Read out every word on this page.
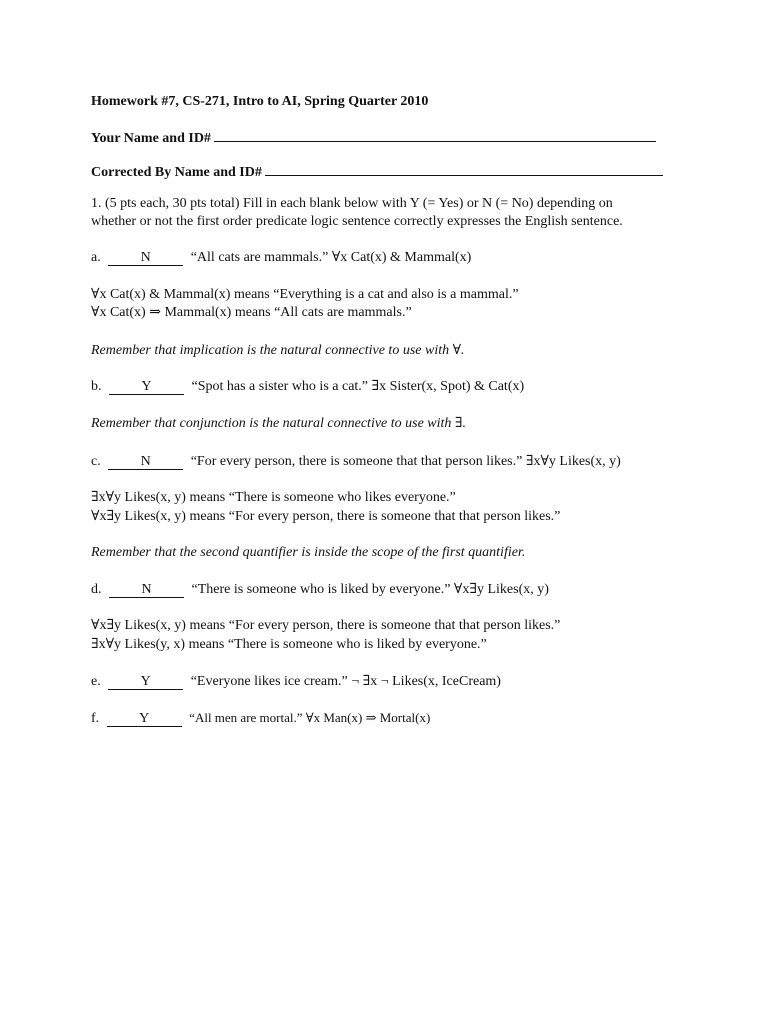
Homework #7, CS-271, Intro to AI, Spring Quarter 2010
Your Name and ID#
Corrected By Name and ID#
1. (5 pts each, 30 pts total) Fill in each blank below with Y (= Yes) or N (= No) depending on
whether or not the first order predicate logic sentence correctly expresses the English sentence.
a.	N	“All cats are mammals.” ∀x Cat(x) & Mammal(x)
∀x Cat(x) & Mammal(x) means “Everything is a cat and also is a mammal.”
∀x Cat(x) ⇒ Mammal(x) means “All cats are mammals.”
Remember that implication is the natural connective to use with ∀.
b.	Y	“Spot has a sister who is a cat.” ∃x Sister(x, Spot) & Cat(x)
Remember that conjunction is the natural connective to use with ∃.
c.	N	“For every person, there is someone that that person likes.” ∃x∀y Likes(x, y)
∃x∀y Likes(x, y) means “There is someone who likes everyone.”
∀x∃y Likes(x, y) means “For every person, there is someone that that person likes.”
Remember that the second quantifier is inside the scope of the first quantifier.
d.	N	“There is someone who is liked by everyone.” ∀x∃y Likes(x, y)
∀x∃y Likes(x, y) means “For every person, there is someone that that person likes.”
∃x∀y Likes(y, x) means “There is someone who is liked by everyone.”
e.	Y	“Everyone likes ice cream.” ¬ ∃x ¬ Likes(x, IceCream)
f.	Y	“All men are mortal.” ∀x Man(x) ⇒ Mortal(x)
